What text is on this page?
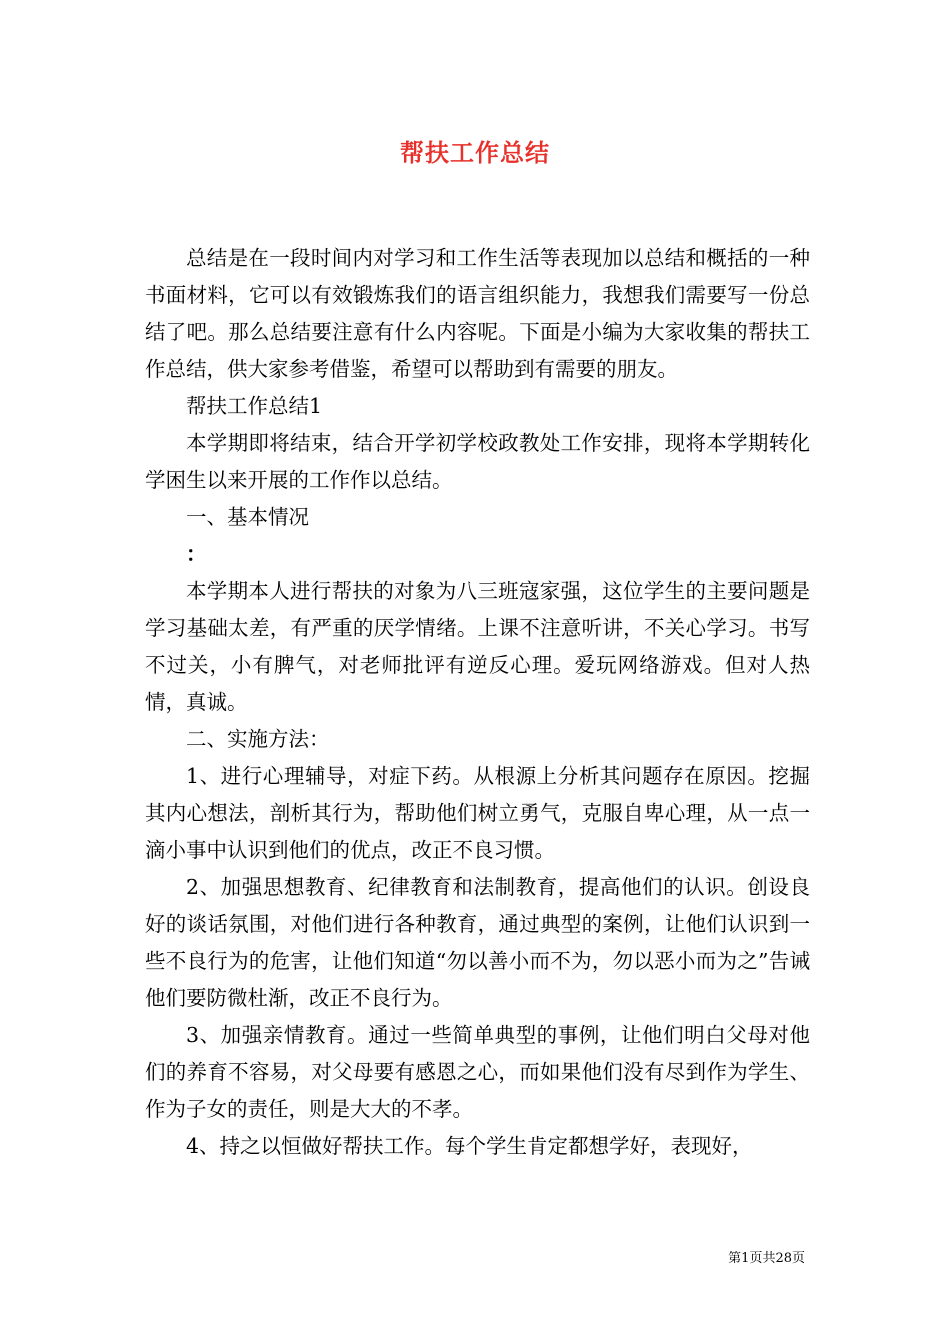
帮扶工作总结

总结是在一段时间内对学习和工作生活等表现加以总结和概括的一种书面材料，它可以有效锻炼我们的语言组织能力，我想我们需要写一份总结了吧。那么总结要注意有什么内容呢。下面是小编为大家收集的帮扶工作总结，供大家参考借鉴，希望可以帮助到有需要的朋友。

帮扶工作总结1

本学期即将结束，结合开学初学校政教处工作安排，现将本学期转化学困生以来开展的工作作以总结。

一、基本情况

：

本学期本人进行帮扶的对象为八三班寇家强，这位学生的主要问题是学习基础太差，有严重的厌学情绪。上课不注意听讲，不关心学习。书写不过关，小有脾气，对老师批评有逆反心理。爱玩网络游戏。但对人热情，真诚。

二、实施方法：

1、进行心理辅导，对症下药。从根源上分析其问题存在原因。挖掘其内心想法，剖析其行为，帮助他们树立勇气，克服自卑心理，从一点一滴小事中认识到他们的优点，改正不良习惯。

2、加强思想教育、纪律教育和法制教育，提高他们的认识。创设良好的谈话氛围，对他们进行各种教育，通过典型的案例，让他们认识到一些不良行为的危害，让他们知道“勿以善小而不为，勿以恶小而为之”告诫他们要防微杜渐，改正不良行为。

3、加强亲情教育。通过一些简单典型的事例，让他们明白父母对他们的养育不容易，对父母要有感恩之心，而如果他们没有尽到作为学生、作为子女的责任，则是大大的不孝。

4、持之以恒做好帮扶工作。每个学生肯定都想学好，表现好，

第1页共28页
